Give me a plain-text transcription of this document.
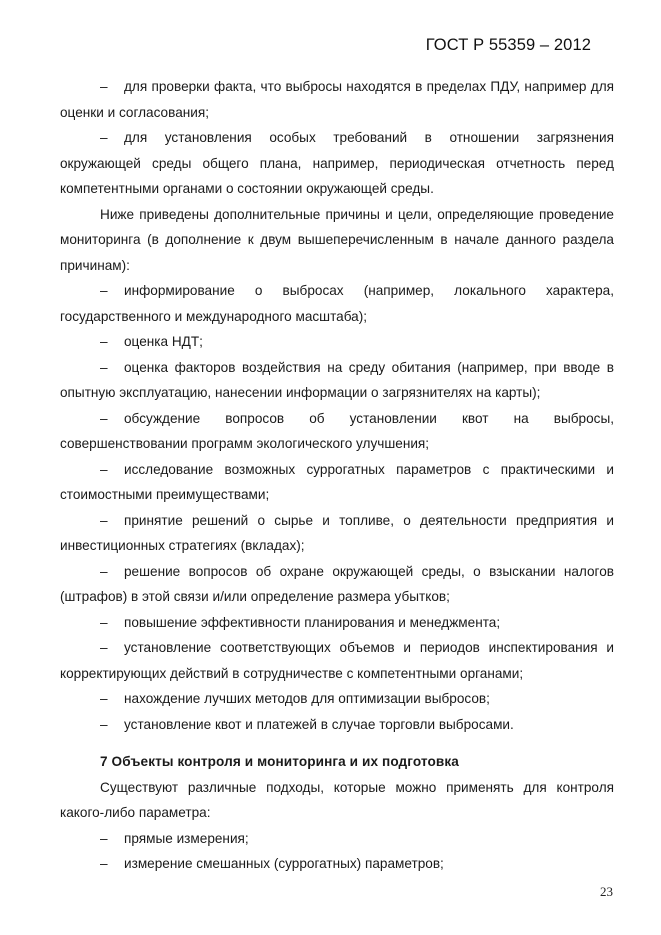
ГОСТ Р 55359 – 2012

– для проверки факта, что выбросы находятся в пределах ПДУ, например для оценки и согласования;

– для установления особых требований в отношении загрязнения окружающей среды общего плана, например, периодическая отчетность перед компетентными органами о состоянии окружающей среды.

Ниже приведены дополнительные причины и цели, определяющие проведение мониторинга (в дополнение к двум вышеперечисленным в начале данного раздела причинам):

– информирование о выбросах (например, локального характера, государственного и международного масштаба);

– оценка НДТ;

– оценка факторов воздействия на среду обитания (например, при вводе в опытную эксплуатацию, нанесении информации о загрязнителях на карты);

– обсуждение вопросов об установлении квот на выбросы, совершенствовании программ экологического улучшения;

– исследование возможных суррогатных параметров с практическими и стоимостными преимуществами;

– принятие решений о сырье и топливе, о деятельности предприятия и инвестиционных стратегиях (вкладах);

– решение вопросов об охране окружающей среды, о взыскании налогов (штрафов) в этой связи и/или определение размера убытков;

– повышение эффективности планирования и менеджмента;

– установление соответствующих объемов и периодов инспектирования и корректирующих действий в сотрудничестве с компетентными органами;

– нахождение лучших методов для оптимизации выбросов;

– установление квот и платежей в случае торговли выбросами.

7 Объекты контроля и мониторинга и их подготовка

Существуют различные подходы, которые можно применять для контроля какого-либо параметра:

– прямые измерения;

– измерение смешанных (суррогатных) параметров;

23
